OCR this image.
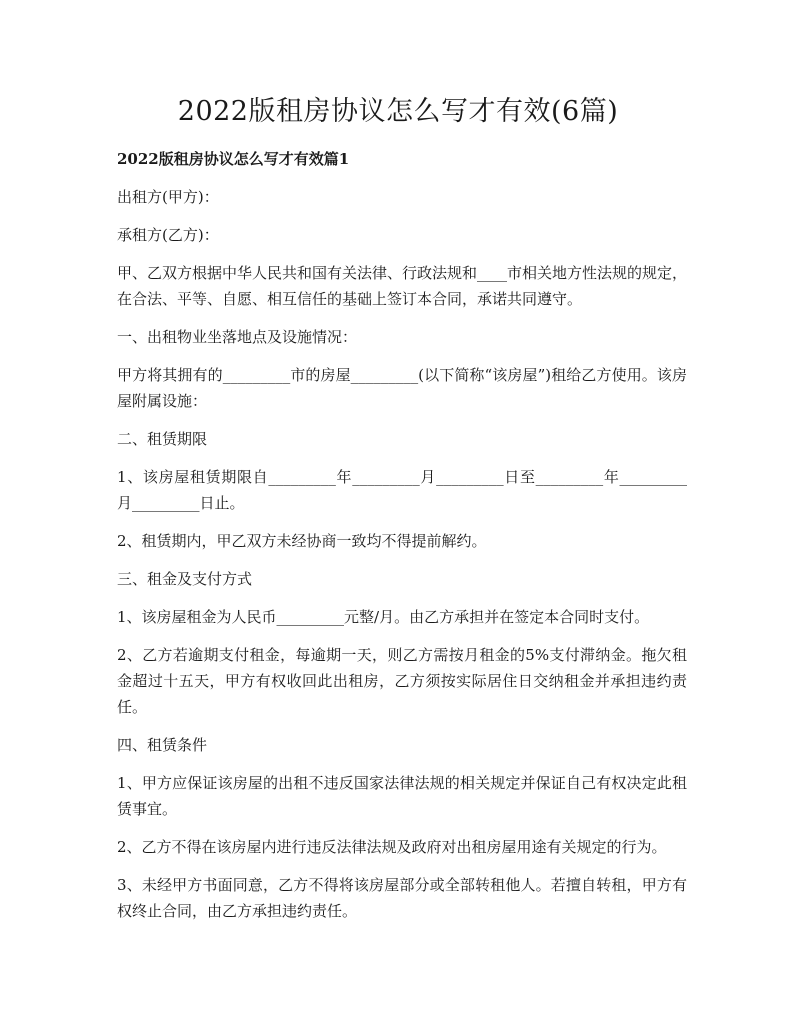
2022版租房协议怎么写才有效(6篇)

2022版租房协议怎么写才有效篇1

出租方(甲方)：

承租方(乙方)：

甲、乙双方根据中华人民共和国有关法律、行政法规和____市相关地方性法规的规定，在合法、平等、自愿、相互信任的基础上签订本合同，承诺共同遵守。

一、出租物业坐落地点及设施情况：

甲方将其拥有的_________市的房屋_________(以下简称“该房屋”)租给乙方使用。该房屋附属设施：

二、租赁期限

1、该房屋租赁期限自_________年_________月_________日至_________年_________月_________日止。

2、租赁期内，甲乙双方未经协商一致均不得提前解约。

三、租金及支付方式

1、该房屋租金为人民币_________元整/月。由乙方承担并在签定本合同时支付。

2、乙方若逾期支付租金，每逾期一天，则乙方需按月租金的5%支付滞纳金。拖欠租金超过十五天，甲方有权收回此出租房，乙方须按实际居住日交纳租金并承担违约责任。

四、租赁条件

1、甲方应保证该房屋的出租不违反国家法律法规的相关规定并保证自己有权决定此租赁事宜。

2、乙方不得在该房屋内进行违反法律法规及政府对出租房屋用途有关规定的行为。

3、未经甲方书面同意，乙方不得将该房屋部分或全部转租他人。若擅自转租，甲方有权终止合同，由乙方承担违约责任。
